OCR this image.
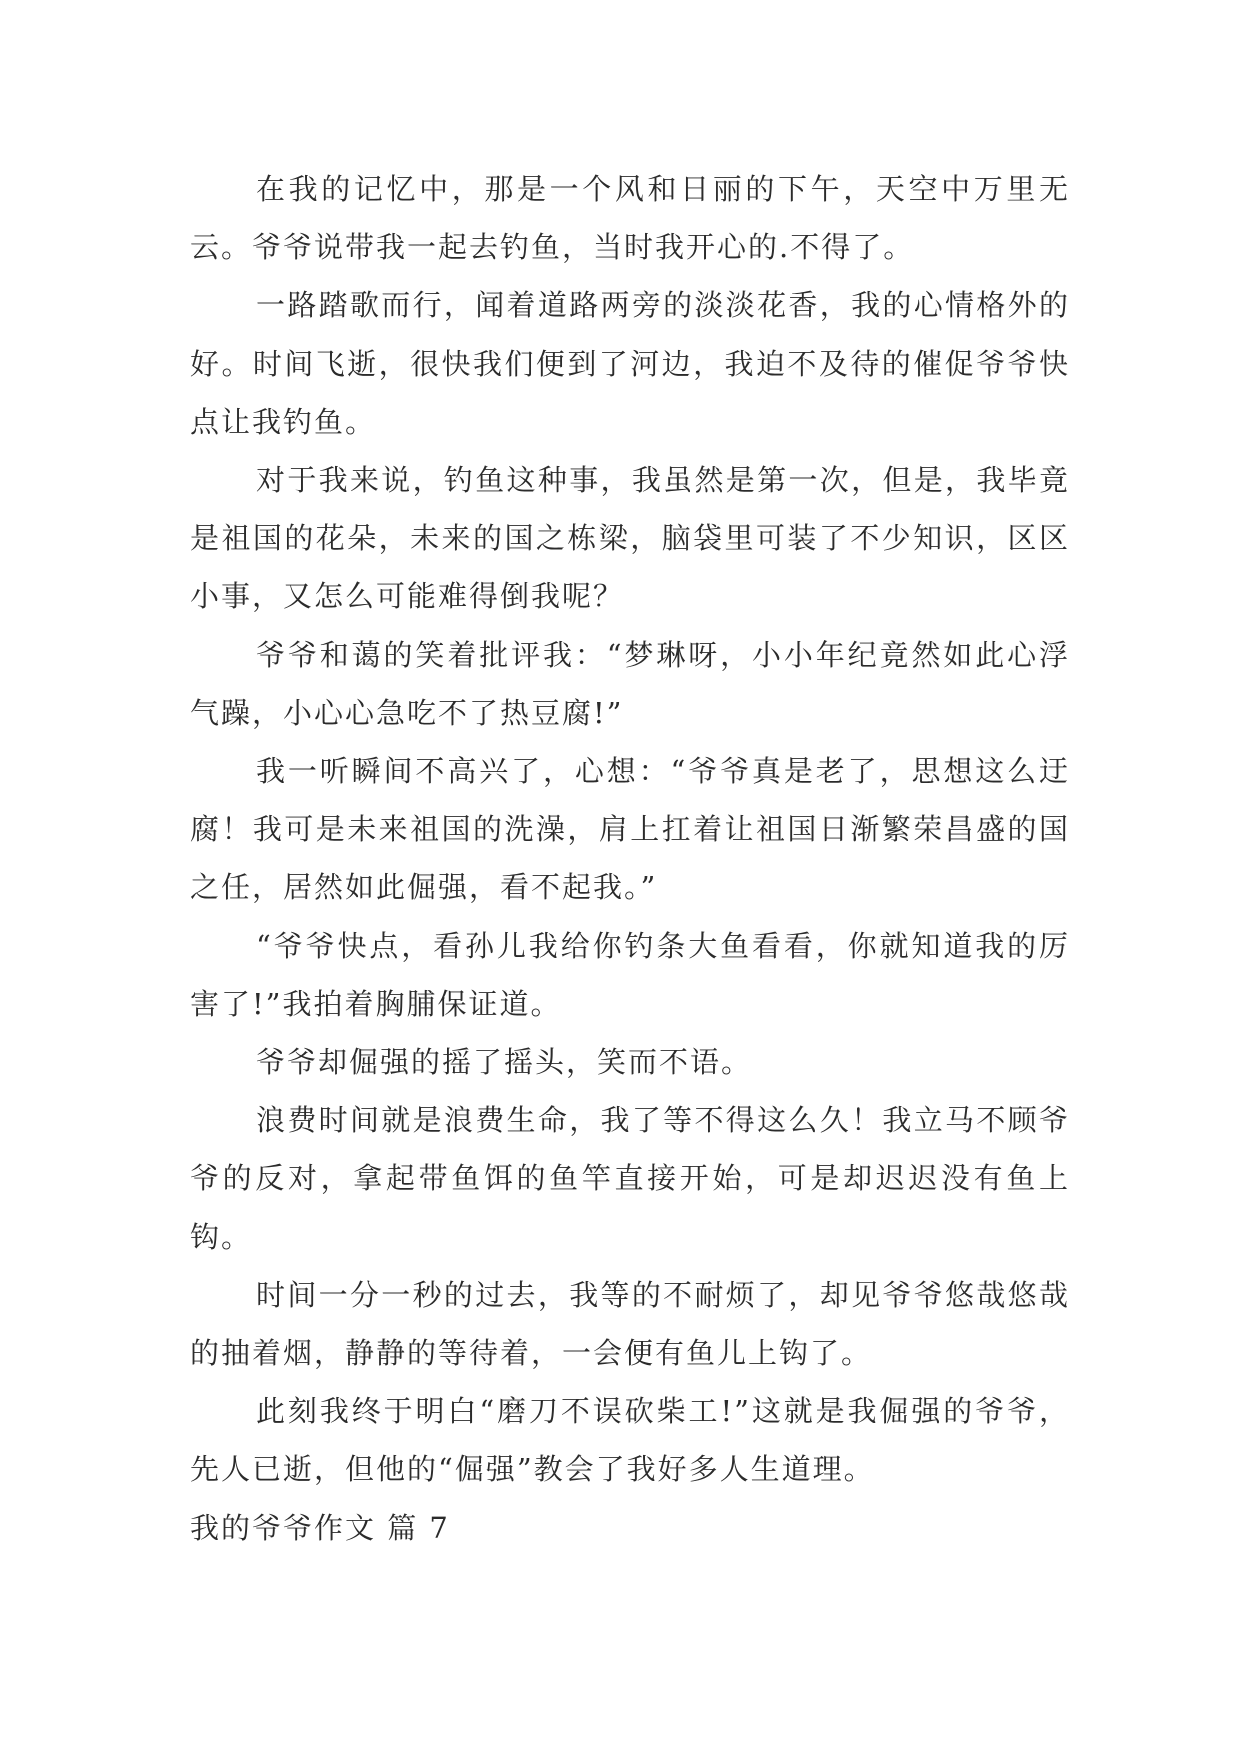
在我的记忆中，那是一个风和日丽的下午，天空中万里无云。爷爷说带我一起去钓鱼，当时我开心的.不得了。

一路踏歌而行，闻着道路两旁的淡淡花香，我的心情格外的好。时间飞逝，很快我们便到了河边，我迫不及待的催促爷爷快点让我钓鱼。

对于我来说，钓鱼这种事，我虽然是第一次，但是，我毕竟是祖国的花朵，未来的国之栋梁，脑袋里可装了不少知识，区区小事，又怎么可能难得倒我呢？

爷爷和蔼的笑着批评我：“梦琳呀，小小年纪竟然如此心浮气躁，小心心急吃不了热豆腐!”

我一听瞬间不高兴了，心想：“爷爷真是老了，思想这么迂腐！我可是未来祖国的洗澡，肩上扛着让祖国日渐繁荣昌盛的国之任，居然如此倔强，看不起我。”

“爷爷快点，看孙儿我给你钓条大鱼看看，你就知道我的厉害了!”我拍着胸脯保证道。

爷爷却倔强的摇了摇头，笑而不语。

浪费时间就是浪费生命，我了等不得这么久！我立马不顾爷爷的反对，拿起带鱼饵的鱼竿直接开始，可是却迟迟没有鱼上钩。

时间一分一秒的过去，我等的不耐烦了，却见爷爷悠哉悠哉的抽着烟，静静的等待着，一会便有鱼儿上钩了。

此刻我终于明白“磨刀不误砍柴工!”这就是我倔强的爷爷，先人已逝，但他的“倔强”教会了我好多人生道理。

我的爷爷作文 篇 7
